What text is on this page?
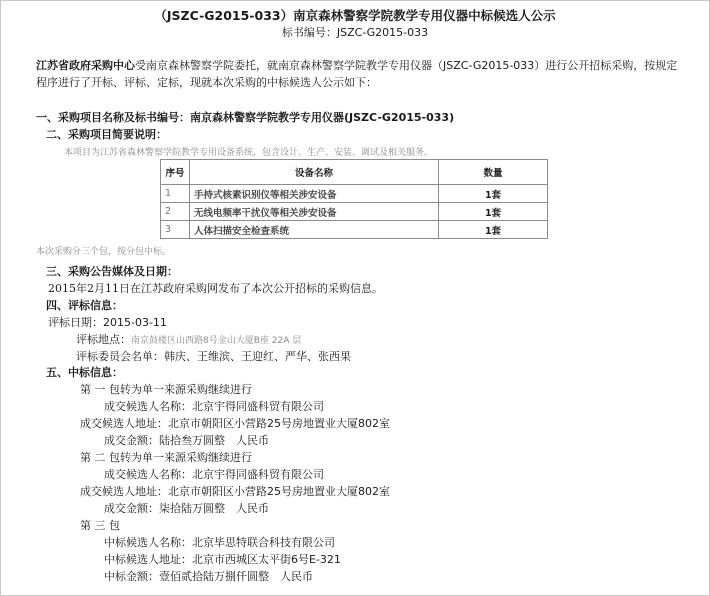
（JSZC-G2015-033）南京森林警察学院教学专用仪器中标候选人公示
标书编号：JSZC-G2015-033
江苏省政府采购中心受南京森林警察学院委托，就南京森林警察学院教学专用仪器（JSZC-G2015-033）进行公开招标采购，按规定程序进行了开标、评标、定标，现就本次采购的中标候选人公示如下：
一、采购项目名称及标书编号：南京森林警察学院教学专用仪器(JSZC-G2015-033)
二、采购项目简要说明：
本项目为江苏省森林警察学院教学专用设备系统，包含设计、生产、安装、调试及相关服务。
序号	设备名称	数量
1	手持式核素识别仪等相关涉安设备	1套
2	无线电频率干扰仪等相关涉安设备	1套
3	人体扫描安全检查系统	1套
本次采购分三个包，按分包中标。
三、采购公告媒体及日期：
2015年2月11日在江苏政府采购网发布了本次公开招标的采购信息。
四、评标信息：
评标日期：2015-03-11
评标地点：南京鼓楼区山西路8号金山大厦B座 22A 层
评标委员会名单：韩庆、王维滨、王迎红、严华、张西果
五、中标信息：
第 一 包转为单一来源采购继续进行
成交候选人名称：北京宇得同盛科贸有限公司
成交候选人地址：北京市朝阳区小营路25号房地置业大厦802室
成交金额：陆拾叁万圆整　人民币
第 二 包转为单一来源采购继续进行
成交候选人名称：北京宇得同盛科贸有限公司
成交候选人地址：北京市朝阳区小营路25号房地置业大厦802室
成交金额：柒拾陆万圆整　人民币
第 三 包
中标候选人名称：北京毕思特联合科技有限公司
中标候选人地址：北京市西城区太平街6号E-321
中标金额：壹佰贰拾陆万捌仟圆整　人民币
